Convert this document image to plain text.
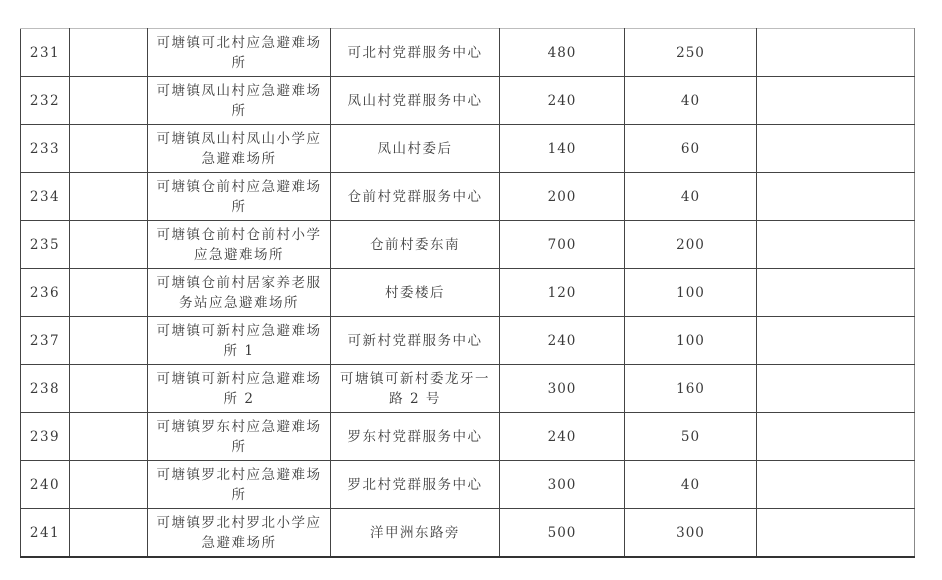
231		可塘镇可北村应急避难场所	可北村党群服务中心	480	250	
232		可塘镇凤山村应急避难场所	凤山村党群服务中心	240	40	
233		可塘镇凤山村凤山小学应急避难场所	凤山村委后	140	60	
234		可塘镇仓前村应急避难场所	仓前村党群服务中心	200	40	
235		可塘镇仓前村仓前村小学应急避难场所	仓前村委东南	700	200	
236		可塘镇仓前村居家养老服务站应急避难场所	村委楼后	120	100	
237		可塘镇可新村应急避难场所 1	可新村党群服务中心	240	100	
238		可塘镇可新村应急避难场所 2	可塘镇可新村委龙牙一路 2 号	300	160	
239		可塘镇罗东村应急避难场所	罗东村党群服务中心	240	50	
240		可塘镇罗北村应急避难场所	罗北村党群服务中心	300	40	
241		可塘镇罗北村罗北小学应急避难场所	洋甲洲东路旁	500	300	
